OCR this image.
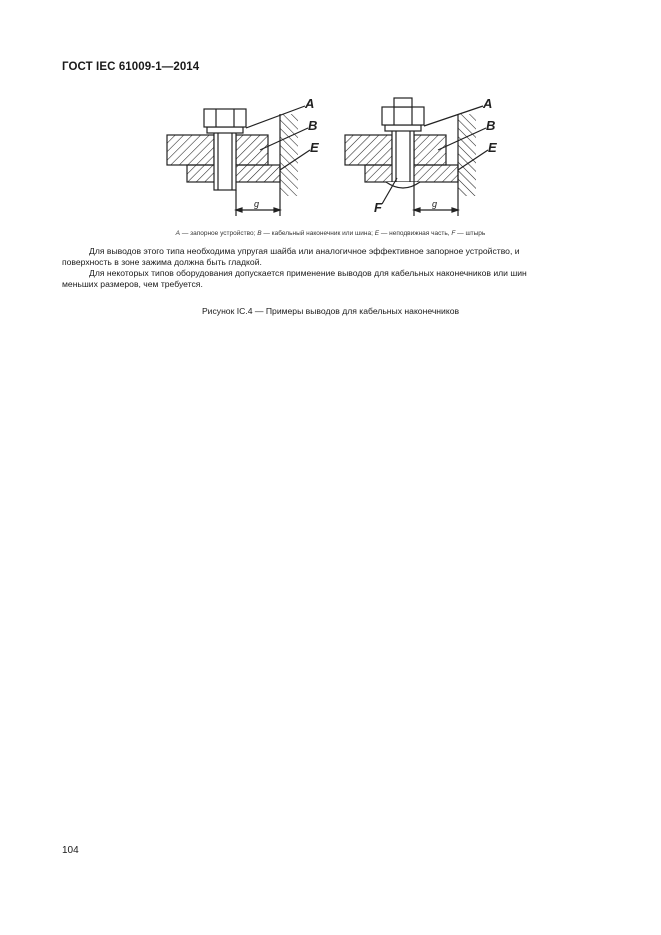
ГОСТ IEC 61009-1—2014
A
B
E
g
A
B
E
F	g
A — запорное устройство; B — кабельный наконечник или шина; E — неподвижная часть, F — штырь

Для выводов этого типа необходима упругая шайба или аналогичное эффективное запорное устройство, и

поверхность в зоне зажима должна быть гладкой.

Для некоторых типов оборудования допускается применение выводов для кабельных наконечников или шин

меньших размеров, чем требуется.

Рисунок IC.4 — Примеры выводов для кабельных наконечников
104
